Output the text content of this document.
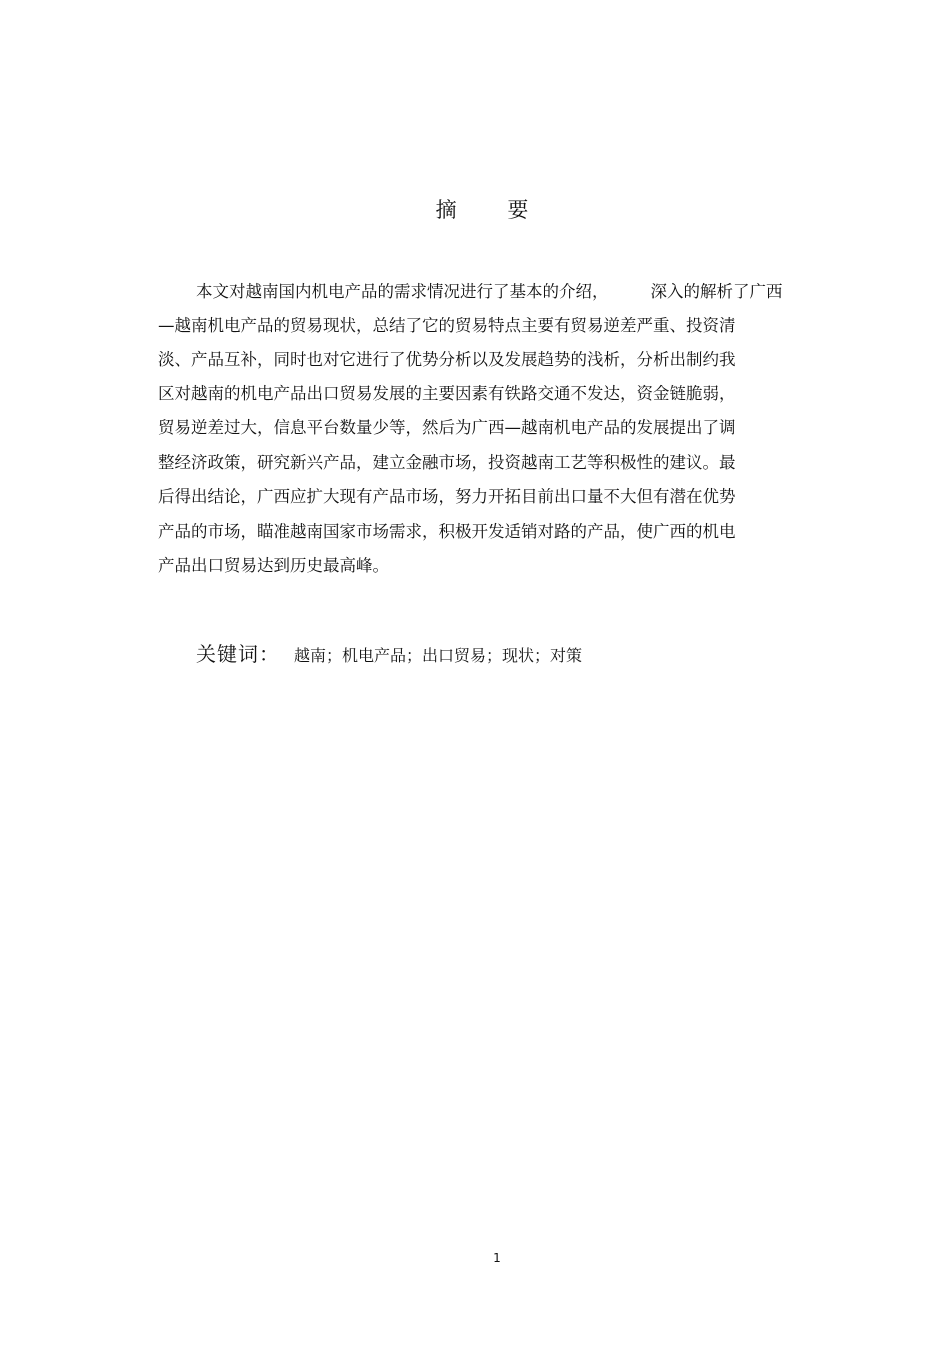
摘 要
本文对越南国内机电产品的需求情况进行了基本的介绍，        深入的解析了广西
—越南机电产品的贸易现状，总结了它的贸易特点主要有贸易逆差严重、投资清
淡、产品互补，同时也对它进行了优势分析以及发展趋势的浅析，分析出制约我
区对越南的机电产品出口贸易发展的主要因素有铁路交通不发达，资金链脆弱，
贸易逆差过大，信息平台数量少等，然后为广西—越南机电产品的发展提出了调
整经济政策，研究新兴产品，建立金融市场，投资越南工艺等积极性的建议。最
后得出结论，广西应扩大现有产品市场，努力开拓目前出口量不大但有潜在优势
产品的市场，瞄准越南国家市场需求，积极开发适销对路的产品，使广西的机电
产品出口贸易达到历史最高峰。
关键词： 越南；机电产品；出口贸易；现状；对策
1
